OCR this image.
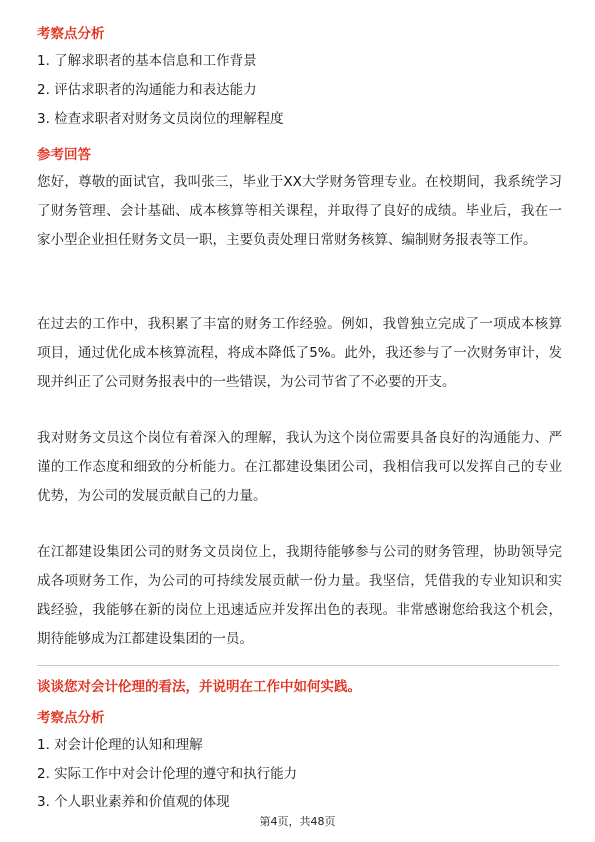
考察点分析
1. 了解求职者的基本信息和工作背景
2. 评估求职者的沟通能力和表达能力
3. 检查求职者对财务文员岗位的理解程度
参考回答
您好，尊敬的面试官，我叫张三，毕业于XX大学财务管理专业。在校期间，我系统学习了财务管理、会计基础、成本核算等相关课程，并取得了良好的成绩。毕业后，我在一家小型企业担任财务文员一职，主要负责处理日常财务核算、编制财务报表等工作。
在过去的工作中，我积累了丰富的财务工作经验。例如，我曾独立完成了一项成本核算项目，通过优化成本核算流程，将成本降低了5%。此外，我还参与了一次财务审计，发现并纠正了公司财务报表中的一些错误，为公司节省了不必要的开支。
我对财务文员这个岗位有着深入的理解，我认为这个岗位需要具备良好的沟通能力、严谨的工作态度和细致的分析能力。在江都建设集团公司，我相信我可以发挥自己的专业优势，为公司的发展贡献自己的力量。
在江都建设集团公司的财务文员岗位上，我期待能够参与公司的财务管理，协助领导完成各项财务工作，为公司的可持续发展贡献一份力量。我坚信，凭借我的专业知识和实践经验，我能够在新的岗位上迅速适应并发挥出色的表现。非常感谢您给我这个机会，期待能够成为江都建设集团的一员。
谈谈您对会计伦理的看法，并说明在工作中如何实践。
考察点分析
1. 对会计伦理的认知和理解
2. 实际工作中对会计伦理的遵守和执行能力
3. 个人职业素养和价值观的体现
第4页，共48页
